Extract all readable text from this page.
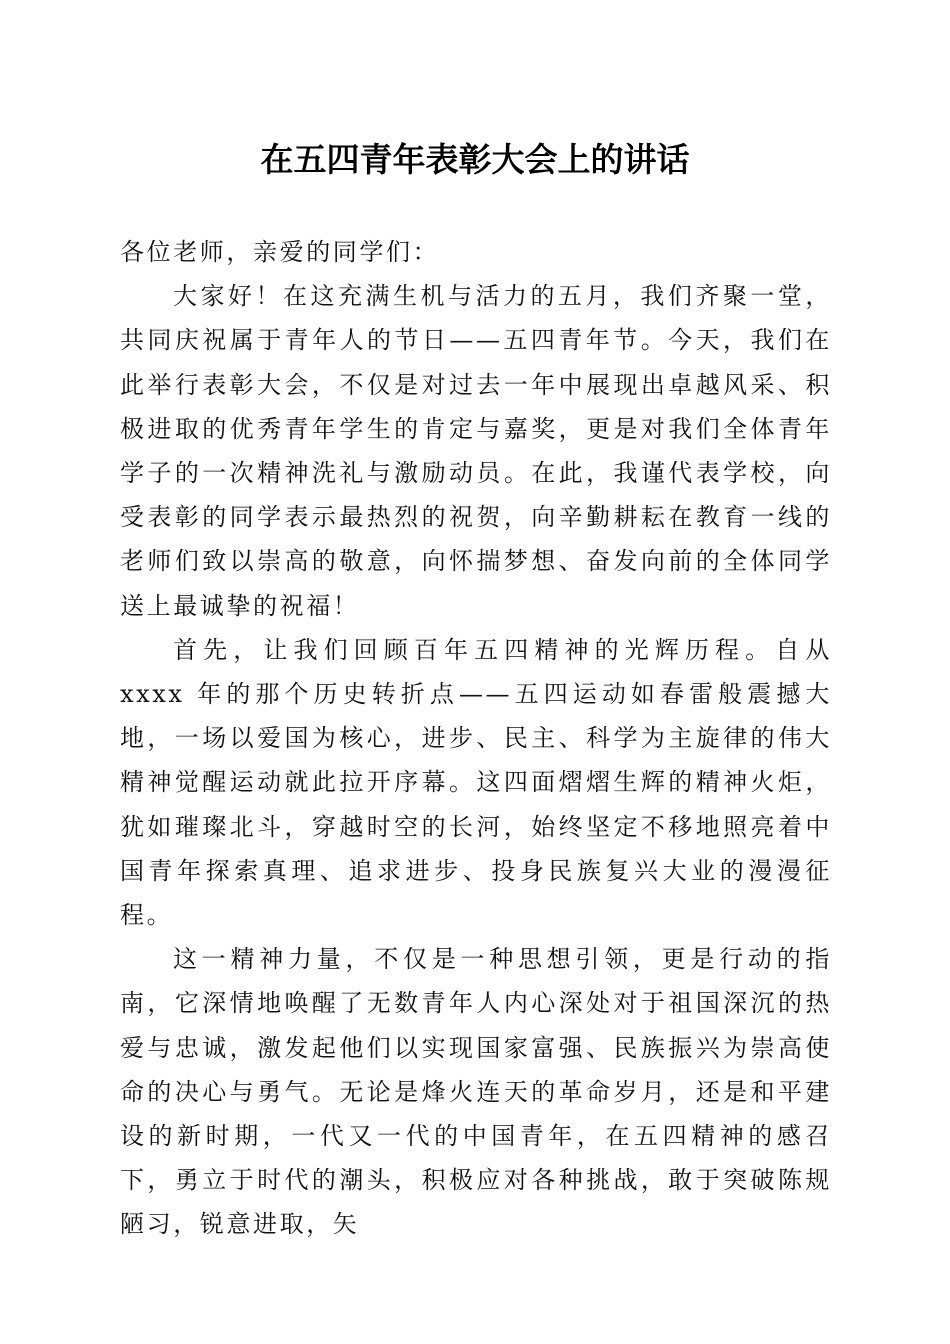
在五四青年表彰大会上的讲话

各位老师，亲爱的同学们：

大家好！在这充满生机与活力的五月，我们齐聚一堂，共同庆祝属于青年人的节日——五四青年节。今天，我们在此举行表彰大会，不仅是对过去一年中展现出卓越风采、积极进取的优秀青年学生的肯定与嘉奖，更是对我们全体青年学子的一次精神洗礼与激励动员。在此，我谨代表学校，向受表彰的同学表示最热烈的祝贺，向辛勤耕耘在教育一线的老师们致以崇高的敬意，向怀揣梦想、奋发向前的全体同学送上最诚挚的祝福！

首先，让我们回顾百年五四精神的光辉历程。自从 xxxx 年的那个历史转折点——五四运动如春雷般震撼大地，一场以爱国为核心，进步、民主、科学为主旋律的伟大精神觉醒运动就此拉开序幕。这四面熠熠生辉的精神火炬，犹如璀璨北斗，穿越时空的长河，始终坚定不移地照亮着中国青年探索真理、追求进步、投身民族复兴大业的漫漫征程。

这一精神力量，不仅是一种思想引领，更是行动的指南，它深情地唤醒了无数青年人内心深处对于祖国深沉的热爱与忠诚，激发起他们以实现国家富强、民族振兴为崇高使命的决心与勇气。无论是烽火连天的革命岁月，还是和平建设的新时期，一代又一代的中国青年，在五四精神的感召下，勇立于时代的潮头，积极应对各种挑战，敢于突破陈规陋习，锐意进取，矢
